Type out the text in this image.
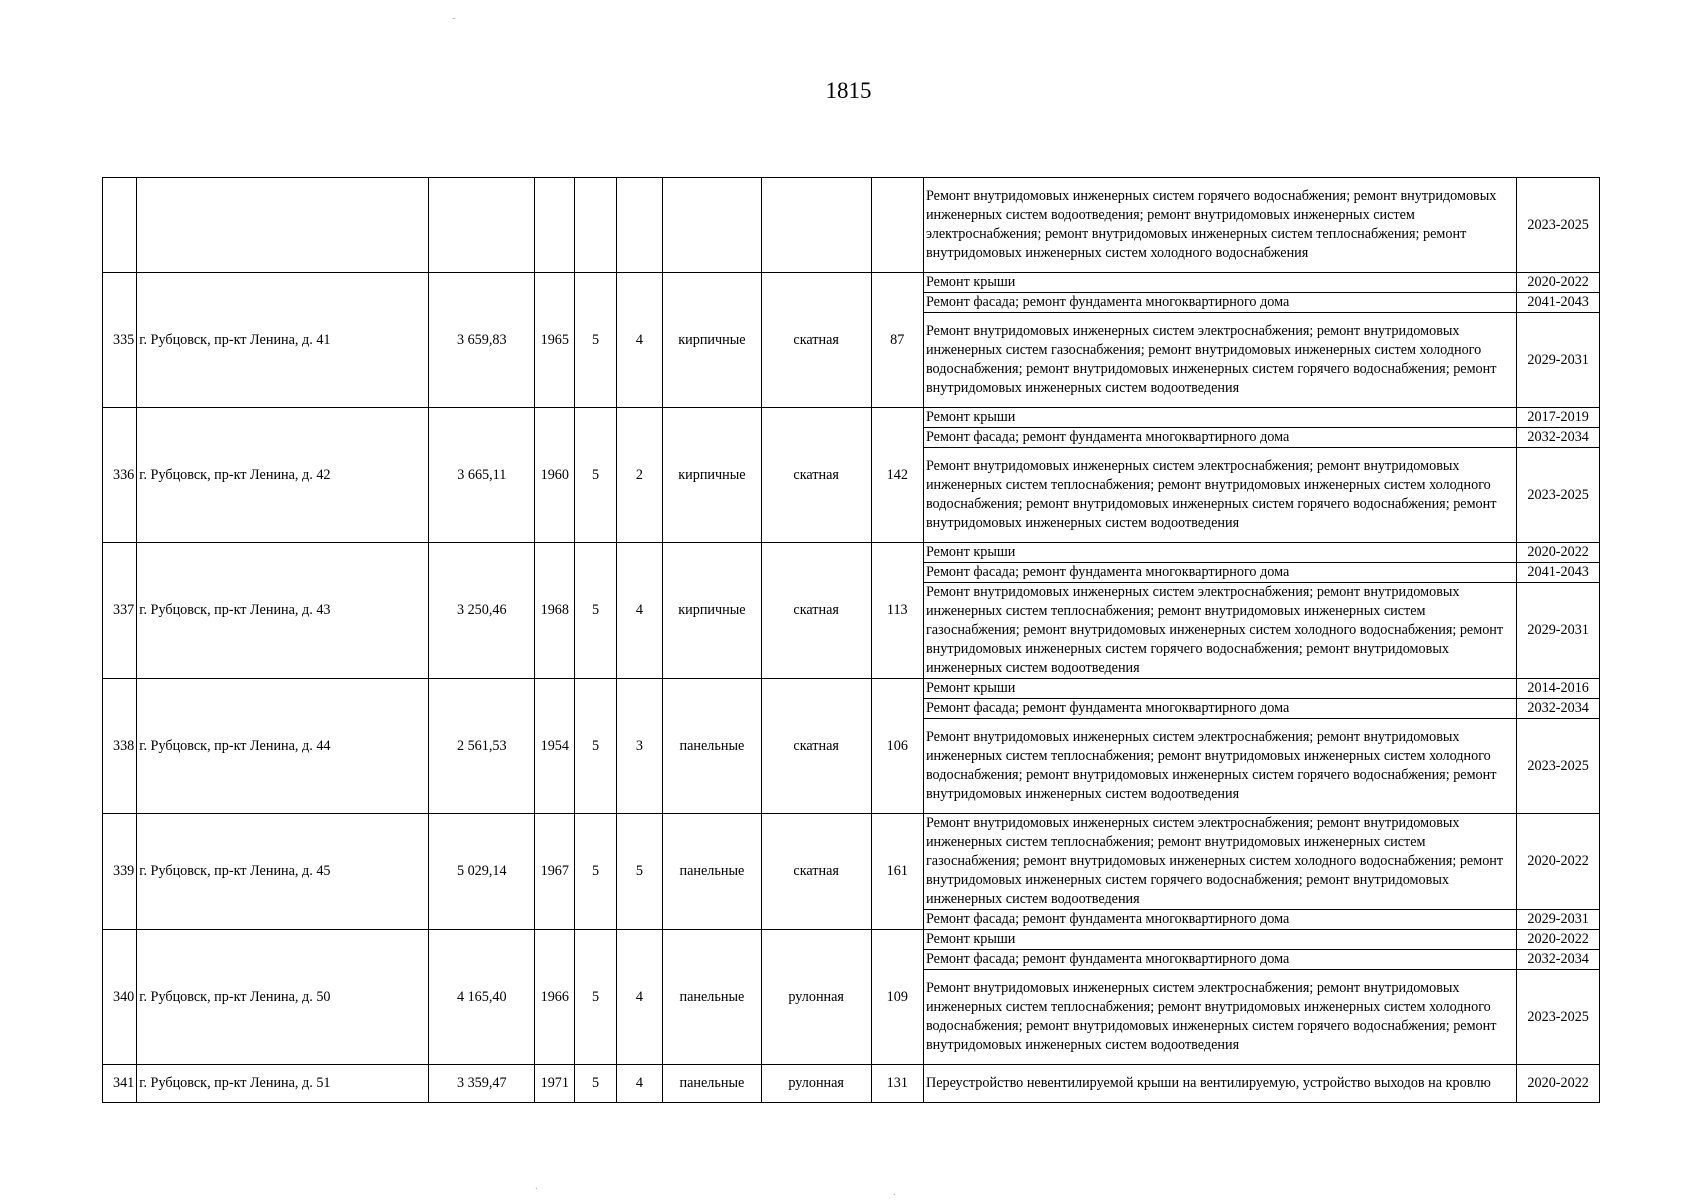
1815
-
.	.
									Ремонт внутридомовых инженерных систем горячего водоснабжения; ремонт внутридомовых инженерных систем водоотведения; ремонт внутридомовых инженерных систем электроснабжения; ремонт внутридомовых инженерных систем теплоснабжения; ремонт внутридомовых инженерных систем холодного водоснабжения	2023-2025
335	г. Рубцовск, пр-кт Ленина, д. 41	3 659,83	1965	5	4	кирпичные	скатная	87	Ремонт крыши	2020-2022
									Ремонт фасада; ремонт фундамента многоквартирного дома	2041-2043
									Ремонт внутридомовых инженерных систем электроснабжения; ремонт внутридомовых инженерных систем газоснабжения; ремонт внутридомовых инженерных систем холодного водоснабжения; ремонт внутридомовых инженерных систем горячего водоснабжения; ремонт внутридомовых инженерных систем водоотведения	2029-2031
336	г. Рубцовск, пр-кт Ленина, д. 42	3 665,11	1960	5	2	кирпичные	скатная	142	Ремонт крыши	2017-2019
									Ремонт фасада; ремонт фундамента многоквартирного дома	2032-2034
									Ремонт внутридомовых инженерных систем электроснабжения; ремонт внутридомовых инженерных систем теплоснабжения; ремонт внутридомовых инженерных систем холодного водоснабжения; ремонт внутридомовых инженерных систем горячего водоснабжения; ремонт внутридомовых инженерных систем водоотведения	2023-2025
337	г. Рубцовск, пр-кт Ленина, д. 43	3 250,46	1968	5	4	кирпичные	скатная	113	Ремонт крыши	2020-2022
									Ремонт фасада; ремонт фундамента многоквартирного дома	2041-2043
									Ремонт внутридомовых инженерных систем электроснабжения; ремонт внутридомовых инженерных систем теплоснабжения; ремонт внутридомовых инженерных систем газоснабжения; ремонт внутридомовых инженерных систем холодного водоснабжения; ремонт внутридомовых инженерных систем горячего водоснабжения; ремонт внутридомовых инженерных систем водоотведения	2029-2031
338	г. Рубцовск, пр-кт Ленина, д. 44	2 561,53	1954	5	3	панельные	скатная	106	Ремонт крыши	2014-2016
									Ремонт фасада; ремонт фундамента многоквартирного дома	2032-2034
									Ремонт внутридомовых инженерных систем электроснабжения; ремонт внутридомовых инженерных систем теплоснабжения; ремонт внутридомовых инженерных систем холодного водоснабжения; ремонт внутридомовых инженерных систем горячего водоснабжения; ремонт внутридомовых инженерных систем водоотведения	2023-2025
339	г. Рубцовск, пр-кт Ленина, д. 45	5 029,14	1967	5	5	панельные	скатная	161	Ремонт внутридомовых инженерных систем электроснабжения; ремонт внутридомовых инженерных систем теплоснабжения; ремонт внутридомовых инженерных систем газоснабжения; ремонт внутридомовых инженерных систем холодного водоснабжения; ремонт внутридомовых инженерных систем горячего водоснабжения; ремонт внутридомовых инженерных систем водоотведения	2020-2022
									Ремонт фасада; ремонт фундамента многоквартирного дома	2029-2031
340	г. Рубцовск, пр-кт Ленина, д. 50	4 165,40	1966	5	4	панельные	рулонная	109	Ремонт крыши	2020-2022
									Ремонт фасада; ремонт фундамента многоквартирного дома	2032-2034
									Ремонт внутридомовых инженерных систем электроснабжения; ремонт внутридомовых инженерных систем теплоснабжения; ремонт внутридомовых инженерных систем холодного водоснабжения; ремонт внутридомовых инженерных систем горячего водоснабжения; ремонт внутридомовых инженерных систем водоотведения	2023-2025
341	г. Рубцовск, пр-кт Ленина, д. 51	3 359,47	1971	5	4	панельные	рулонная	131	Переустройство невентилируемой крыши на вентилируемую, устройство выходов на кровлю	2020-2022
